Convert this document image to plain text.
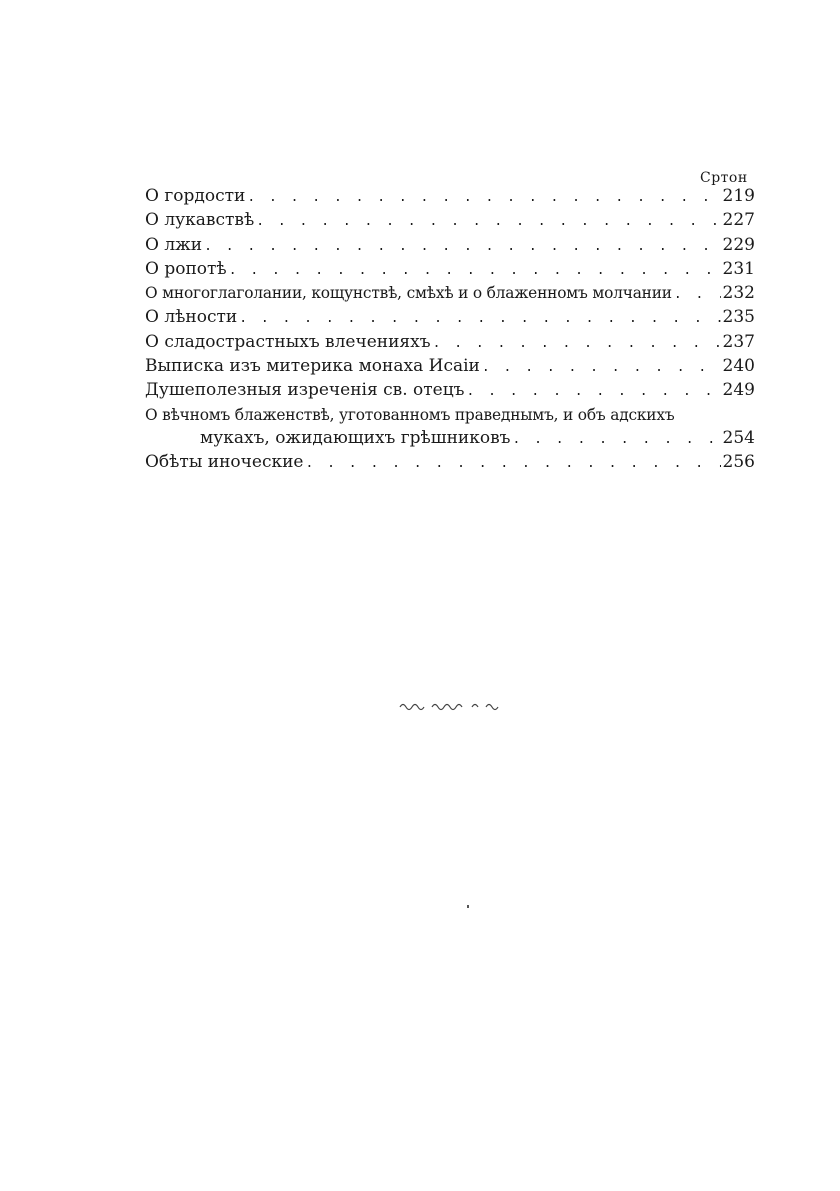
Сртон
О гордости . . .	219
О лукавствѣ . . .	227
О лжи . . .	229
О ропотѣ . . .	231
О многоглаголании, кощунствѣ, смѣхѣ и о блаженномъ молчании . . .	232
О лѣности . . .	235
О сладострастныхъ влеченияхъ . . .	237
Выписка изъ митерика монаха Исаіи . . .	240
Душеполезныя изреченія св. отецъ . . .	249
О вѣчномъ блаженствѣ, уготованномъ праведнымъ, и объ адскихъ
мукахъ, ожидающихъ грѣшниковъ . . .	254
Обѣты иноческие . . .	256
